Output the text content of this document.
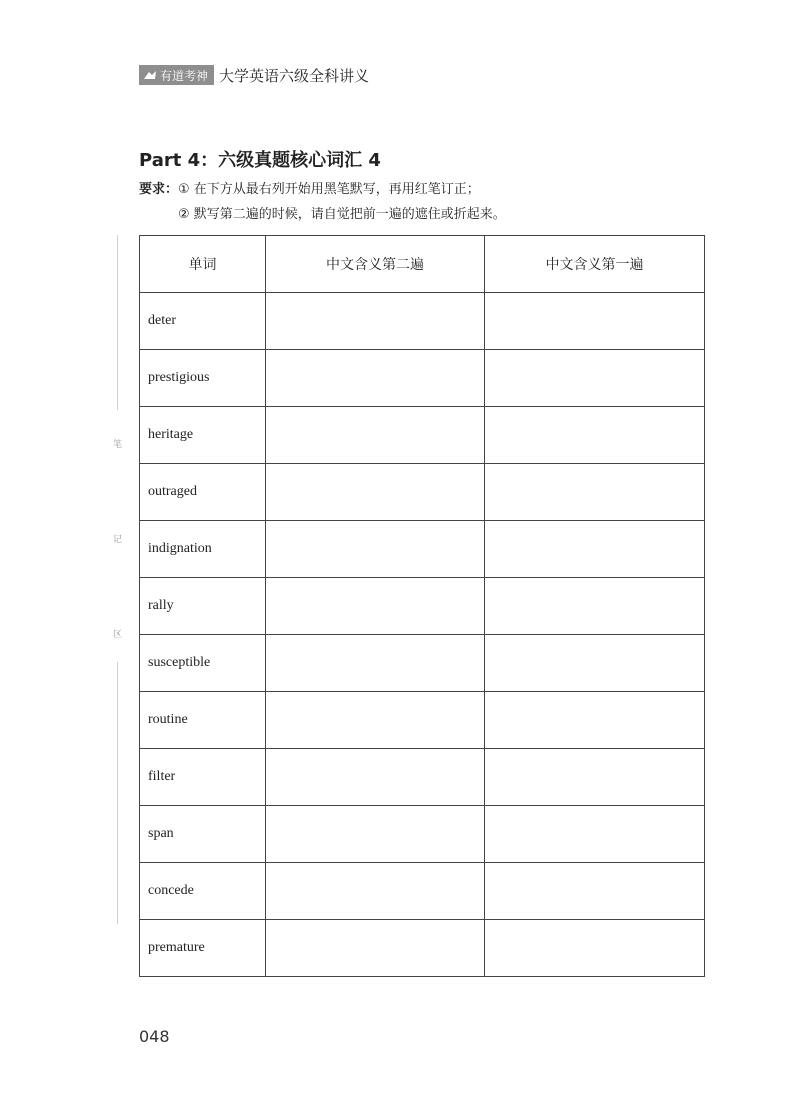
有道考神 大学英语六级全科讲义
Part 4：六级真题核心词汇 4
要求：① 在下方从最右列开始用黑笔默写，再用红笔订正；
② 默写第二遍的时候，请自觉把前一遍的遮住或折起来。
笔
记
区
单词	中文含义第二遍	中文含义第一遍
deter		
prestigious		
heritage		
outraged		
indignation		
rally		
susceptible		
routine		
filter		
span		
concede		
premature		
048
